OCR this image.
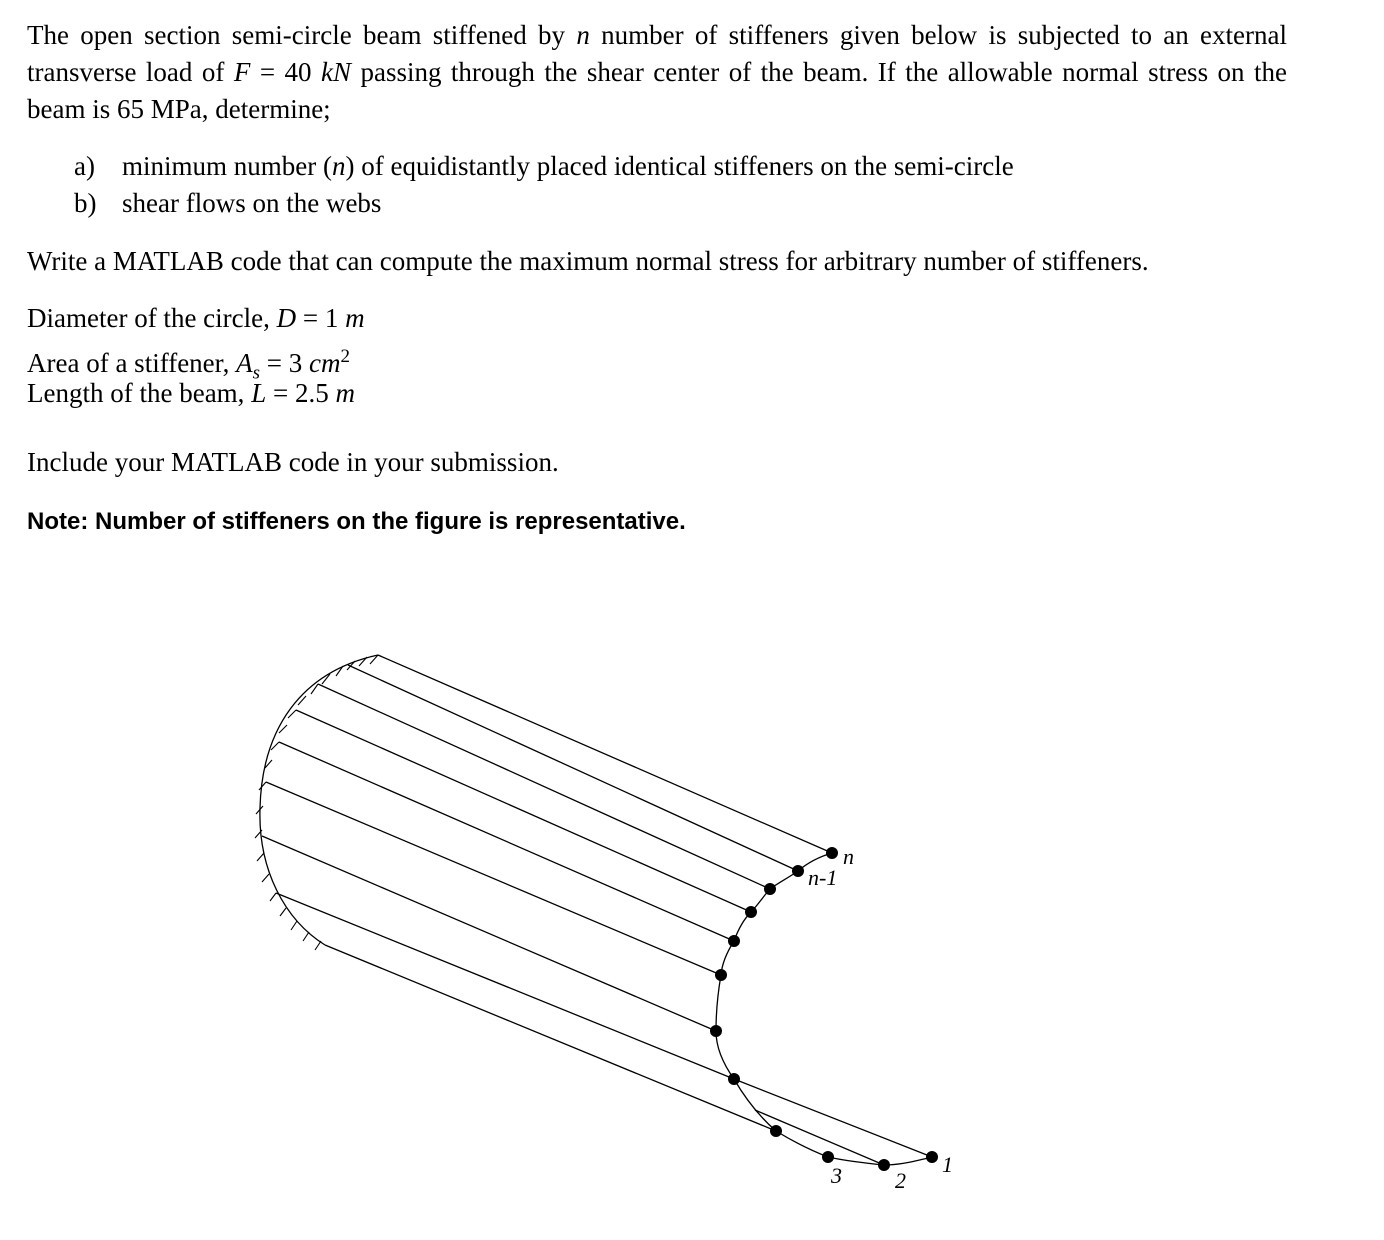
The open section semi-circle beam stiffened by n number of stiffeners given below is subjected to an external transverse load of F = 40 kN passing through the shear center of the beam. If the allowable normal stress on the beam is 65 MPa, determine;
a) minimum number (n) of equidistantly placed identical stiffeners on the semi-circle
b) shear flows on the webs
Write a MATLAB code that can compute the maximum normal stress for arbitrary number of stiffeners.
Diameter of the circle, D = 1 m
Area of a stiffener, $A_s = 3$ $cm^2$
Length of the beam, L = 2.5 m
Include your MATLAB code in your submission.
Note: Number of stiffeners on the figure is representative.
n
n-1
3 2
1
